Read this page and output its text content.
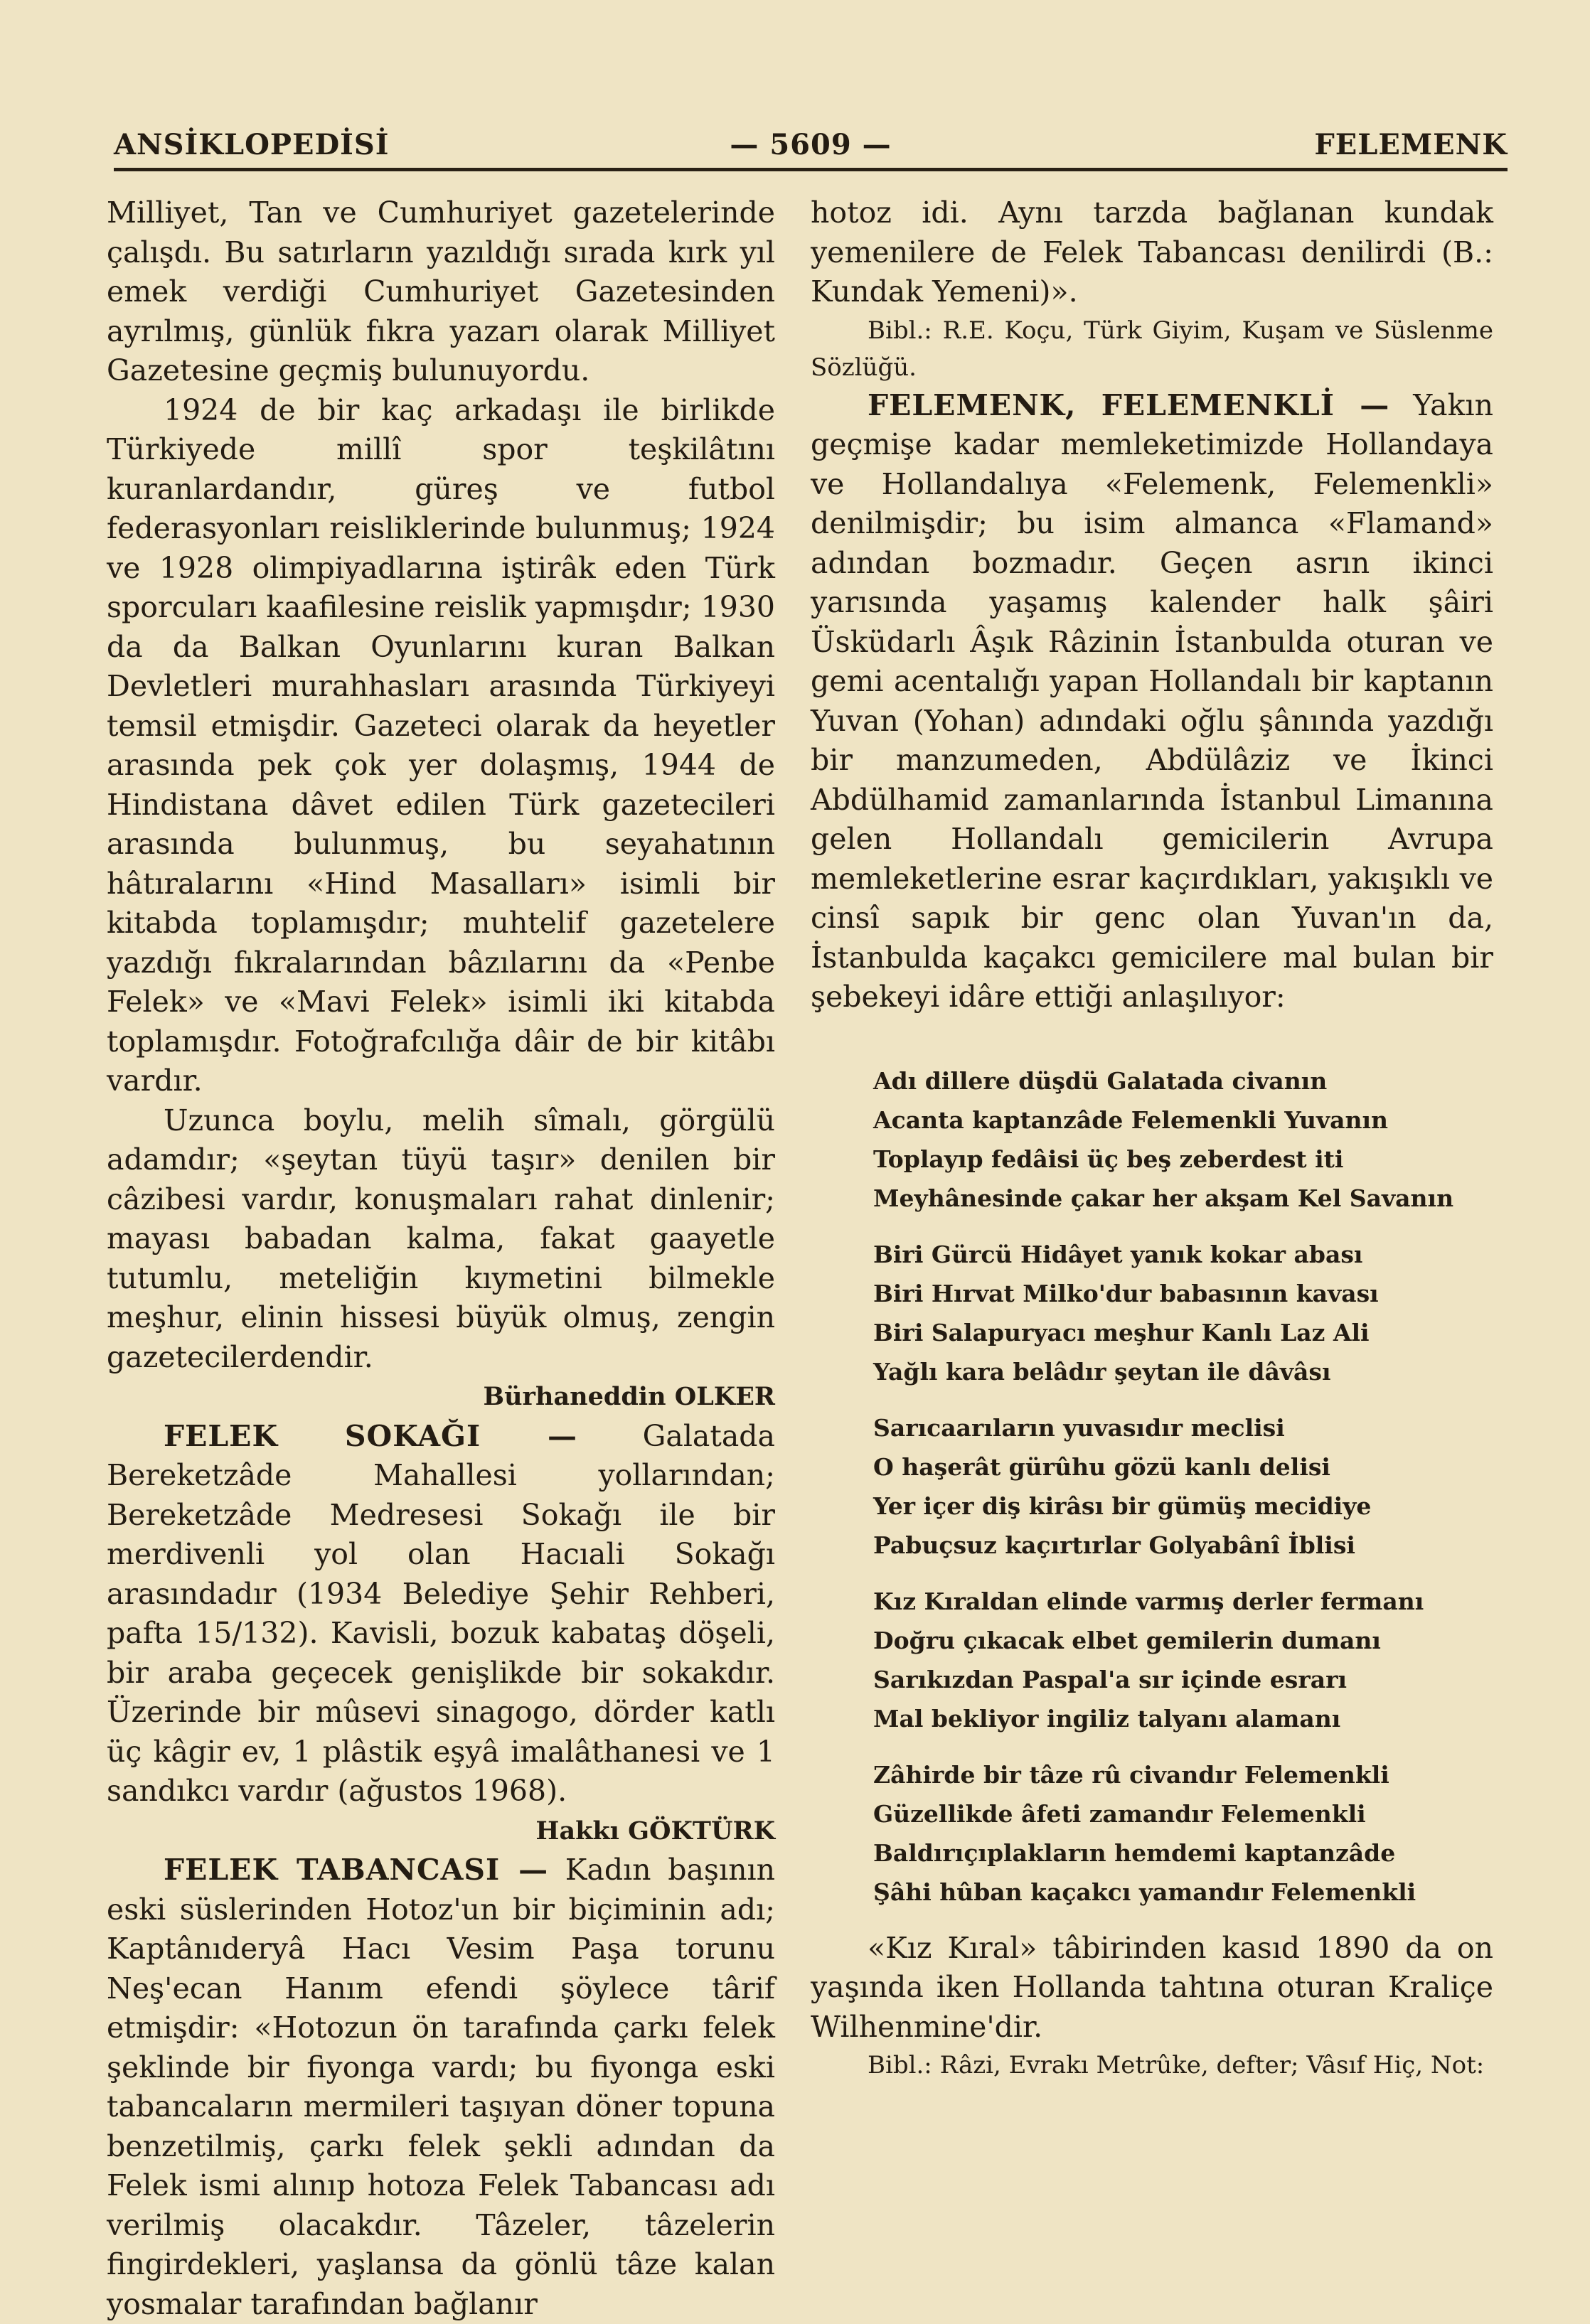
ANSİKLOPEDİSİ	— 5609 —	FELEMENK

Milliyet, Tan ve Cumhuriyet gazetelerinde çalışdı. Bu satırların yazıldığı sırada kırk yıl emek verdiği Cumhuriyet Gazetesinden ayrılmış, günlük fıkra yazarı olarak Milliyet Gazetesine geçmiş bulunuyordu.

1924 de bir kaç arkadaşı ile birlikde Türkiyede millî spor teşkilâtını kuranlardandır, güreş ve futbol federasyonları reisliklerinde bulunmuş; 1924 ve 1928 olimpiyadlarına iştirâk eden Türk sporcuları kaafilesine reislik yapmışdır; 1930 da da Balkan Oyunlarını kuran Balkan Devletleri murahhasları arasında Türkiyeyi temsil etmişdir. Gazeteci olarak da heyetler arasında pek çok yer dolaşmış, 1944 de Hindistana dâvet edilen Türk gazetecileri arasında bulunmuş, bu seyahatının hâtıralarını «Hind Masalları» isimli bir kitabda toplamışdır; muhtelif gazetelere yazdığı fıkralarından bâzılarını da «Penbe Felek» ve «Mavi Felek» isimli iki kitabda toplamışdır. Fotoğrafcılığa dâir de bir kitâbı vardır.

Uzunca boylu, melih sîmalı, görgülü adamdır; «şeytan tüyü taşır» denilen bir câzibesi vardır, konuşmaları rahat dinlenir; mayası babadan kalma, fakat gaayetle tutumlu, meteliğin kıymetini bilmekle meşhur, elinin hissesi büyük olmuş, zengin gazetecilerdendir.

Bürhaneddin OLKER

FELEK SOKAĞI — Galatada Bereketzâde Mahallesi yollarından; Bereketzâde Medresesi Sokağı ile bir merdivenli yol olan Hacıali Sokağı arasındadır (1934 Belediye Şehir Rehberi, pafta 15/132). Kavisli, bozuk kabataş döşeli, bir araba geçecek genişlikde bir sokakdır. Üzerinde bir mûsevi sinagogo, dörder katlı üç kâgir ev, 1 plâstik eşyâ imalâthanesi ve 1 sandıkcı vardır (ağustos 1968).

Hakkı GÖKTÜRK

FELEK TABANCASI — Kadın başının eski süslerinden Hotoz'un bir biçiminin adı; Kaptânıderyâ Hacı Vesim Paşa torunu Neş'ecan Hanım efendi şöylece târif etmişdir: «Hotozun ön tarafında çarkı felek şeklinde bir fiyonga vardı; bu fiyonga eski tabancaların mermileri taşıyan döner topuna benzetilmiş, çarkı felek şekli adından da Felek ismi alınıp hotoza Felek Tabancası adı verilmiş olacakdır. Tâzeler, tâzelerin fingirdekleri, yaşlansa da gönlü tâze kalan yosmalar tarafından bağlanır

hotoz idi. Aynı tarzda bağlanan kundak yemenilere de Felek Tabancası denilirdi (B.: Kundak Yemeni)».

Bibl.: R.E. Koçu, Türk Giyim, Kuşam ve Süslenme Sözlüğü.

FELEMENK, FELEMENKLİ — Yakın geçmişe kadar memleketimizde Hollandaya ve Hollandalıya «Felemenk, Felemenkli» denilmişdir; bu isim almanca «Flamand» adından bozmadır. Geçen asrın ikinci yarısında yaşamış kalender halk şâiri Üsküdarlı Âşık Râzinin İstanbulda oturan ve gemi acentalığı yapan Hollandalı bir kaptanın Yuvan (Yohan) adındaki oğlu şânında yazdığı bir manzumeden, Abdülâziz ve İkinci Abdülhamid zamanlarında İstanbul Limanına gelen Hollandalı gemicilerin Avrupa memleketlerine esrar kaçırdıkları, yakışıklı ve cinsî sapık bir genc olan Yuvan'ın da, İstanbulda kaçakcı gemicilere mal bulan bir şebekeyi idâre ettiği anlaşılıyor:

Adı dillere düşdü Galatada civanın
Acanta kaptanzâde Felemenkli Yuvanın
Toplayıp fedâisi üç beş zeberdest iti
Meyhânesinde çakar her akşam Kel Savanın
Biri Gürcü Hidâyet yanık kokar abası
Biri Hırvat Milko'dur babasının kavası
Biri Salapuryacı meşhur Kanlı Laz Ali
Yağlı kara belâdır şeytan ile dâvâsı
Sarıcaarıların yuvasıdır meclisi
O haşerât gürûhu gözü kanlı delisi
Yer içer diş kirâsı bir gümüş mecidiye
Pabuçsuz kaçırtırlar Golyabânî İblisi
Kız Kıraldan elinde varmış derler fermanı
Doğru çıkacak elbet gemilerin dumanı
Sarıkızdan Paspal'a sır içinde esrarı
Mal bekliyor ingiliz talyanı alamanı
Zâhirde bir tâze rû civandır Felemenkli
Güzellikde âfeti zamandır Felemenkli
Baldırıçıplakların hemdemi kaptanzâde
Şâhi hûban kaçakcı yamandır Felemenkli

«Kız Kıral» tâbirinden kasıd 1890 da on yaşında iken Hollanda tahtına oturan Kraliçe Wilhenmine'dir.

Bibl.: Râzi, Evrakı Metrûke, defter; Vâsıf Hiç, Not:
